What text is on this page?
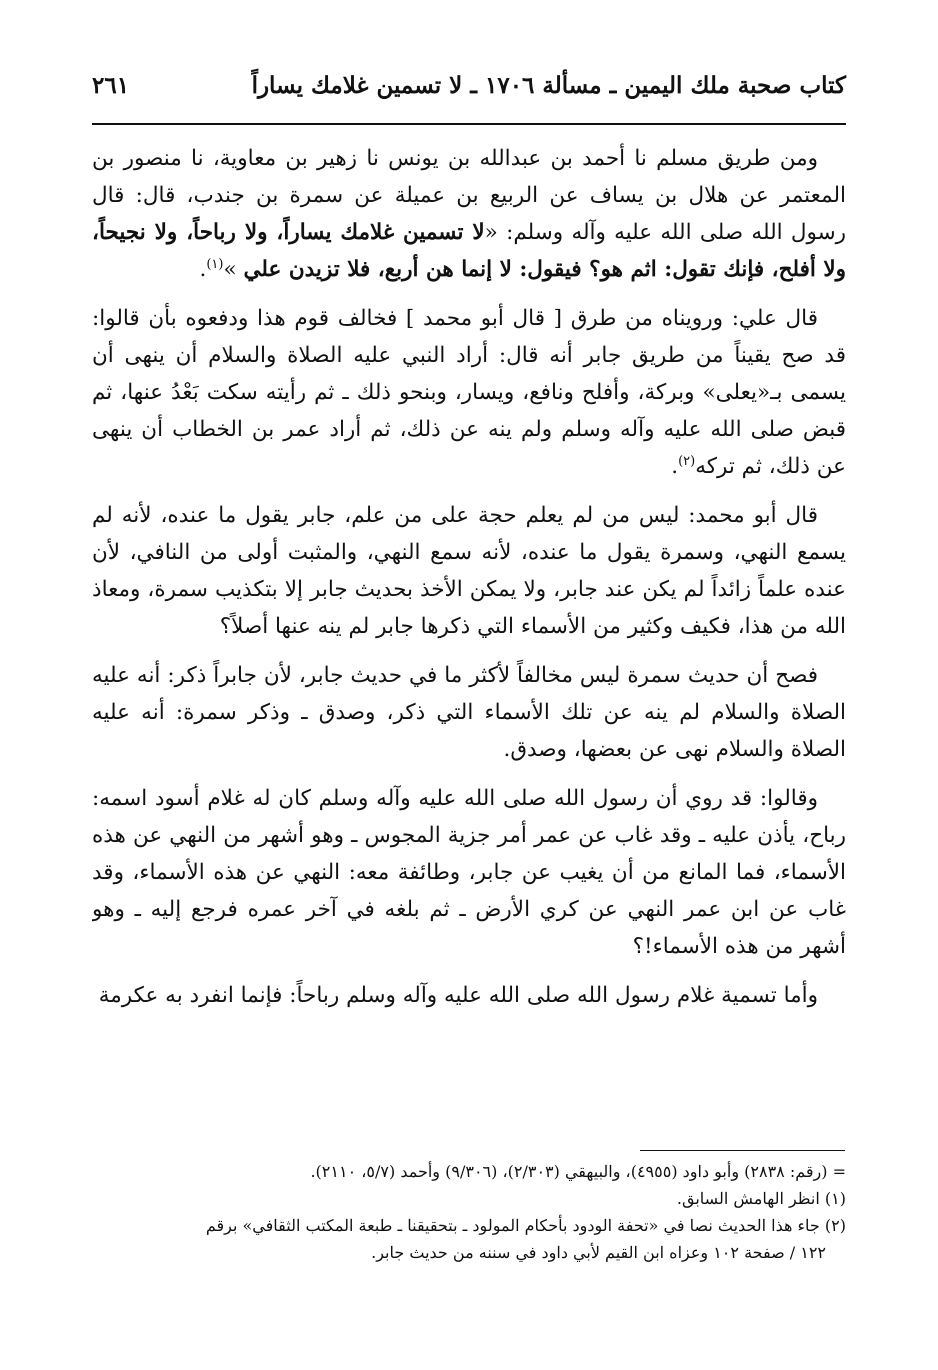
كتاب صحبة ملك اليمين ـ مسألة ١٧٠٦ ـ لا تسمين غلامك يساراً
٢٦١

ومن طريق مسلم نا أحمد بن عبدالله بن يونس نا زهير بن معاوية، نا منصور بن المعتمر عن هلال بن يساف عن الربيع بن عميلة عن سمرة بن جندب، قال: قال رسول الله صلى الله عليه وآله وسلم: «لا تسمين غلامك يساراً، ولا رباحاً، ولا نجيحاً، ولا أفلح، فإنك تقول: اثم هو؟ فيقول: لا إنما هن أربع، فلا تزيدن علي »$^{(١)}$.

قال علي: ورويناه من طرق [ قال أبو محمد ] فخالف قوم هذا ودفعوه بأن قالوا: قد صح يقيناً من طريق جابر أنه قال: أراد النبي عليه الصلاة والسلام أن ينهى أن يسمى بـ«يعلى» وبركة، وأفلح ونافع، ويسار، وبنحو ذلك ـ ثم رأيته سكت بَعْدُ عنها، ثم قبض صلى الله عليه وآله وسلم ولم ينه عن ذلك، ثم أراد عمر بن الخطاب أن ينهى عن ذلك، ثم تركه$^{(٢)}$.

قال أبو محمد: ليس من لم يعلم حجة على من علم، جابر يقول ما عنده، لأنه لم يسمع النهي، وسمرة يقول ما عنده، لأنه سمع النهي، والمثبت أولى من النافي، لأن عنده علماً زائداً لم يكن عند جابر، ولا يمكن الأخذ بحديث جابر إلا بتكذيب سمرة، ومعاذ الله من هذا، فكيف وكثير من الأسماء التي ذكرها جابر لم ينه عنها أصلاً؟

فصح أن حديث سمرة ليس مخالفاً لأكثر ما في حديث جابر، لأن جابراً ذكر: أنه عليه الصلاة والسلام لم ينه عن تلك الأسماء التي ذكر، وصدق ـ وذكر سمرة: أنه عليه الصلاة والسلام نهى عن بعضها، وصدق.

وقالوا: قد روي أن رسول الله صلى الله عليه وآله وسلم كان له غلام أسود اسمه: رباح، يأذن عليه ـ وقد غاب عن عمر أمر جزية المجوس ـ وهو أشهر من النهي عن هذه الأسماء، فما المانع من أن يغيب عن جابر، وطائفة معه: النهي عن هذه الأسماء، وقد غاب عن ابن عمر النهي عن كري الأرض ـ ثم بلغه في آخر عمره فرجع إليه ـ وهو أشهر من هذه الأسماء!؟

وأما تسمية غلام رسول الله صلى الله عليه وآله وسلم رباحاً: فإنما انفرد به عكرمة

= (رقم: ٢٨٣٨) وأبو داود (٤٩٥٥)، والبيهقي (٢/٣٠٣)، (٩/٣٠٦) وأحمد (٥/٧، ٢١١٠).
(١) انظر الهامش السابق.
(٢) جاء هذا الحديث نصا في «تحفة الودود بأحكام المولود ـ بتحقيقنا ـ طبعة المكتب الثقافي» برقم
١٢٢ / صفحة ١٠٢ وعزاه ابن القيم لأبي داود في سننه من حديث جابر.
